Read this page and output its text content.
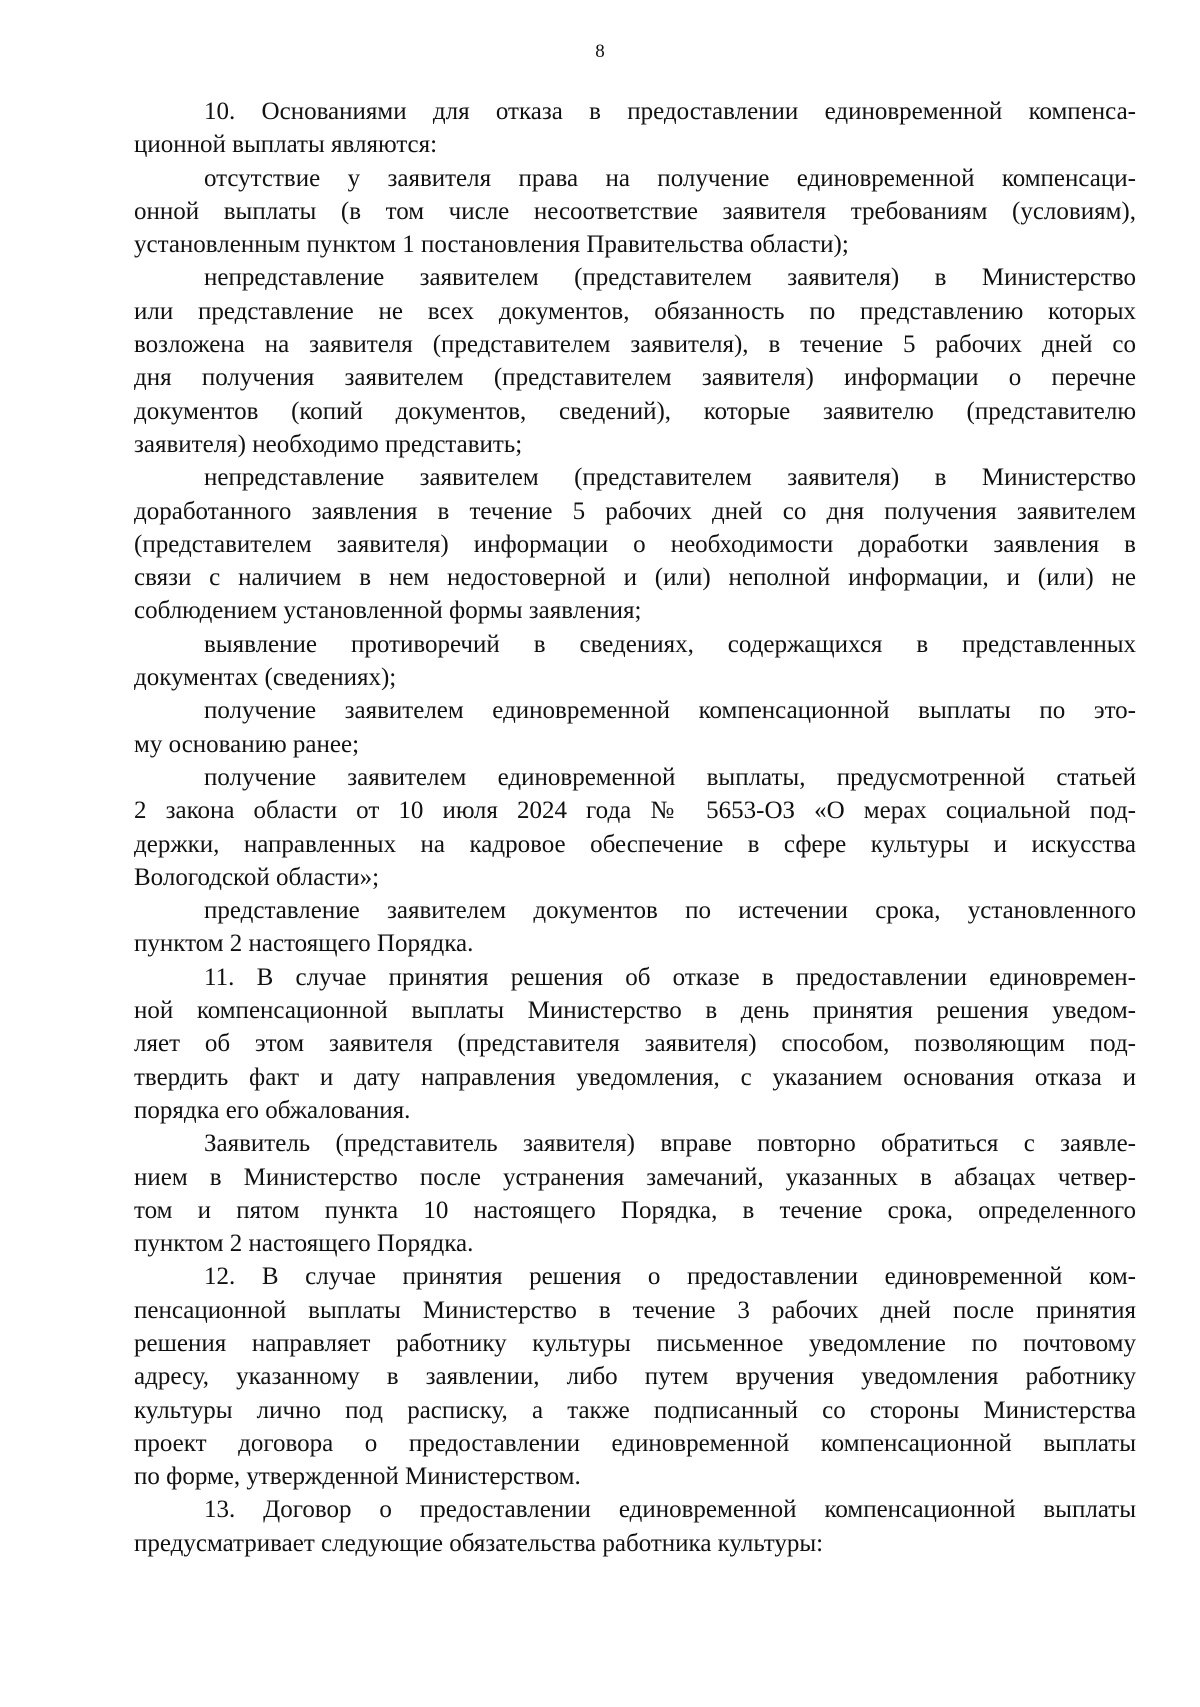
8
10. Основаниями для отказа в предоставлении единовременной компенса-
ционной выплаты являются:
отсутствие у заявителя права на получение единовременной компенсаци-
онной выплаты (в том числе несоответствие заявителя требованиям (условиям),
установленным пунктом 1 постановления Правительства области);
непредставление заявителем (представителем заявителя) в Министерство
или представление не всех документов, обязанность по представлению которых
возложена на заявителя (представителем заявителя), в течение 5 рабочих дней со
дня получения заявителем (представителем заявителя) информации о перечне
документов (копий документов, сведений), которые заявителю (представителю
заявителя) необходимо представить;
непредставление заявителем (представителем заявителя) в Министерство
доработанного заявления в течение 5 рабочих дней со дня получения заявителем
(представителем заявителя) информации о необходимости доработки заявления в
связи с наличием в нем недостоверной и (или) неполной информации, и (или) не
соблюдением установленной формы заявления;
выявление противоречий в сведениях, содержащихся в представленных
документах (сведениях);
получение заявителем единовременной компенсационной выплаты по это-
му основанию ранее;
получение заявителем единовременной выплаты, предусмотренной статьей
2 закона области от 10 июля 2024 года № 5653-ОЗ «О мерах социальной под-
держки, направленных на кадровое обеспечение в сфере культуры и искусства
Вологодской области»;
представление заявителем документов по истечении срока, установленного
пунктом 2 настоящего Порядка.
11. В случае принятия решения об отказе в предоставлении единовремен-
ной компенсационной выплаты Министерство в день принятия решения уведом-
ляет об этом заявителя (представителя заявителя) способом, позволяющим под-
твердить факт и дату направления уведомления, с указанием основания отказа и
порядка его обжалования.
Заявитель (представитель заявителя) вправе повторно обратиться с заявле-
нием в Министерство после устранения замечаний, указанных в абзацах четвер-
том и пятом пункта 10 настоящего Порядка, в течение срока, определенного
пунктом 2 настоящего Порядка.
12. В случае принятия решения о предоставлении единовременной ком-
пенсационной выплаты Министерство в течение 3 рабочих дней после принятия
решения направляет работнику культуры письменное уведомление по почтовому
адресу, указанному в заявлении, либо путем вручения уведомления работнику
культуры лично под расписку, а также подписанный со стороны Министерства
проект договора о предоставлении единовременной компенсационной выплаты
по форме, утвержденной Министерством.
13. Договор о предоставлении единовременной компенсационной выплаты
предусматривает следующие обязательства работника культуры:
